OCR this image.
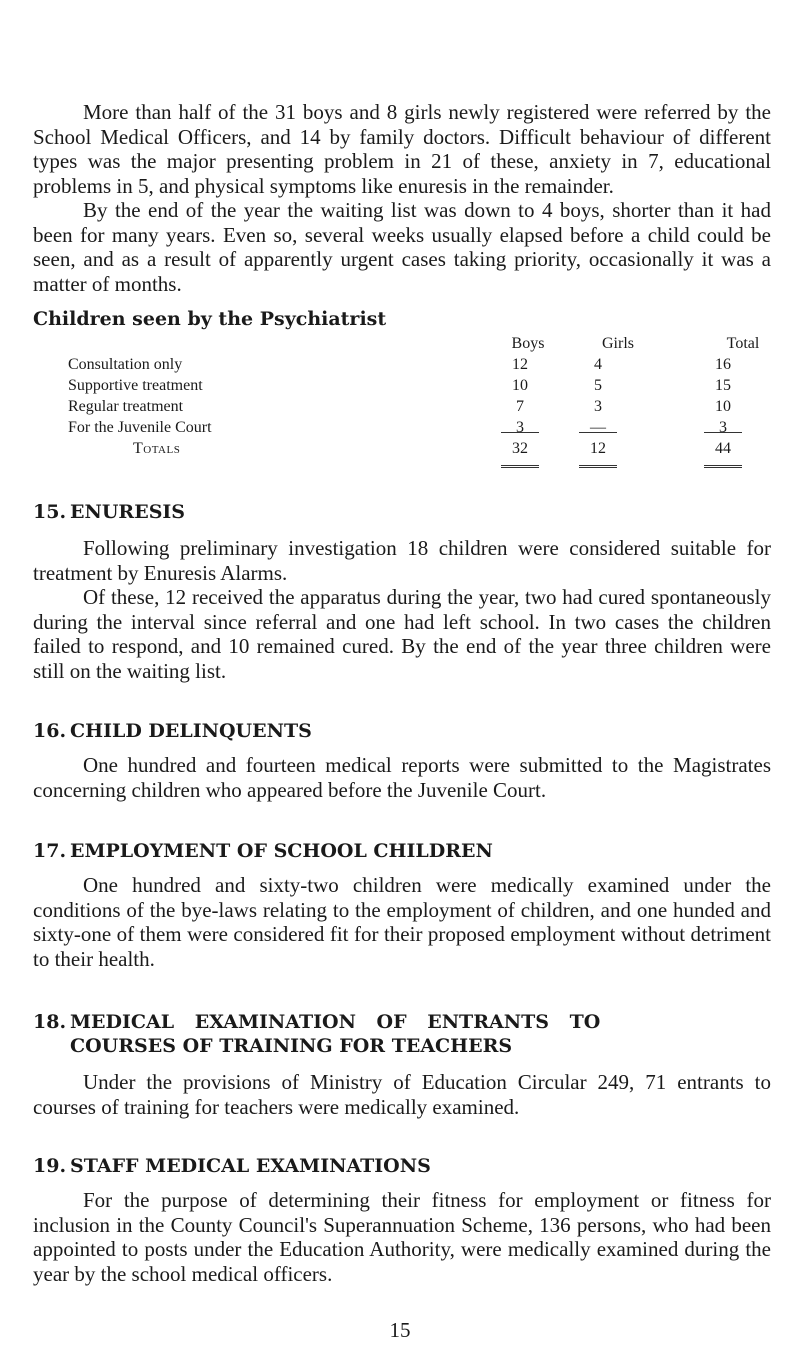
More than half of the 31 boys and 8 girls newly registered were referred by the School Medical Officers, and 14 by family doctors. Difficult behaviour of different types was the major presenting problem in 21 of these, anxiety in 7, educational problems in 5, and physical symptoms like enuresis in the remainder.

By the end of the year the waiting list was down to 4 boys, shorter than it had been for many years. Even so, several weeks usually elapsed before a child could be seen, and as a result of apparently urgent cases taking priority, occasionally it was a matter of months.

Children seen by the Psychiatrist
Boys	Girls	Total
Consultation only	12	4	16
Supportive treatment	10	5	15
Regular treatment	7	3	10
For the Juvenile Court	3	—	3
Totals	32	12	44

15. ENURESIS

Following preliminary investigation 18 children were considered suitable for treatment by Enuresis Alarms.

Of these, 12 received the apparatus during the year, two had cured spontaneously during the interval since referral and one had left school. In two cases the children failed to respond, and 10 remained cured. By the end of the year three children were still on the waiting list.

16. CHILD DELINQUENTS

One hundred and fourteen medical reports were submitted to the Magistrates concerning children who appeared before the Juvenile Court.

17. EMPLOYMENT OF SCHOOL CHILDREN

One hundred and sixty-two children were medically examined under the conditions of the bye-laws relating to the employment of children, and one hunded and sixty-one of them were considered fit for their proposed employment without detriment to their health.

18. MEDICAL EXAMINATION OF ENTRANTS TO

COURSES OF TRAINING FOR TEACHERS

Under the provisions of Ministry of Education Circular 249, 71 entrants to courses of training for teachers were medically examined.

19. STAFF MEDICAL EXAMINATIONS

For the purpose of determining their fitness for employment or fitness for inclusion in the County Council's Superannuation Scheme, 136 persons, who had been appointed to posts under the Education Authority, were medically examined during the year by the school medical officers.

15
